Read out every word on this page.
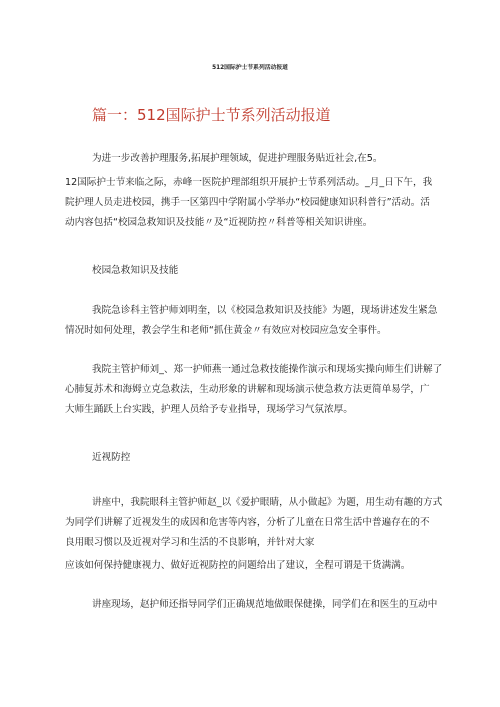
512国际护士节系列活动报道
篇一：512国际护士节系列活动报道
为进一步改善护理服务,拓展护理领域，促进护理服务贴近社会,在5。
12国际护士节来临之际，赤峰一医院护理部组织开展护士节系列活动。_月_日下午，我
院护理人员走进校园，携手一区第四中学附属小学举办“校园健康知识科普行”活动。活
动内容包括“校园急救知识及技能〃及“近视防控〃科普等相关知识讲座。
校园急救知识及技能
我院急诊科主管护师刘明奎，以《校园急救知识及技能》为题，现场讲述发生紧急
情况时如何处理，教会学生和老师“抓住黄金〃有效应对校园应急安全事件。
我院主管护师刘_、郑一护师燕一通过急救技能操作演示和现场实操向师生们讲解了
心肺复苏术和海姆立克急救法，生动形象的讲解和现场演示使急救方法更简单易学，广
大师生踊跃上台实践，护理人员给予专业指导，现场学习气氛浓厚。
近视防控
讲座中，我院眼科主管护师赵_以《爱护眼睛，从小做起》为题，用生动有趣的方式
为同学们讲解了近视发生的成因和危害等内容，分析了儿童在日常生活中普遍存在的不
良用眼习惯以及近视对学习和生活的不良影响，并针对大家
应该如何保持健康视力、做好近视防控的问题给出了建议，全程可谓是干货满满。
讲座现场，赵护师还指导同学们正确规范地做眼保健操，同学们在和医生的互动中
